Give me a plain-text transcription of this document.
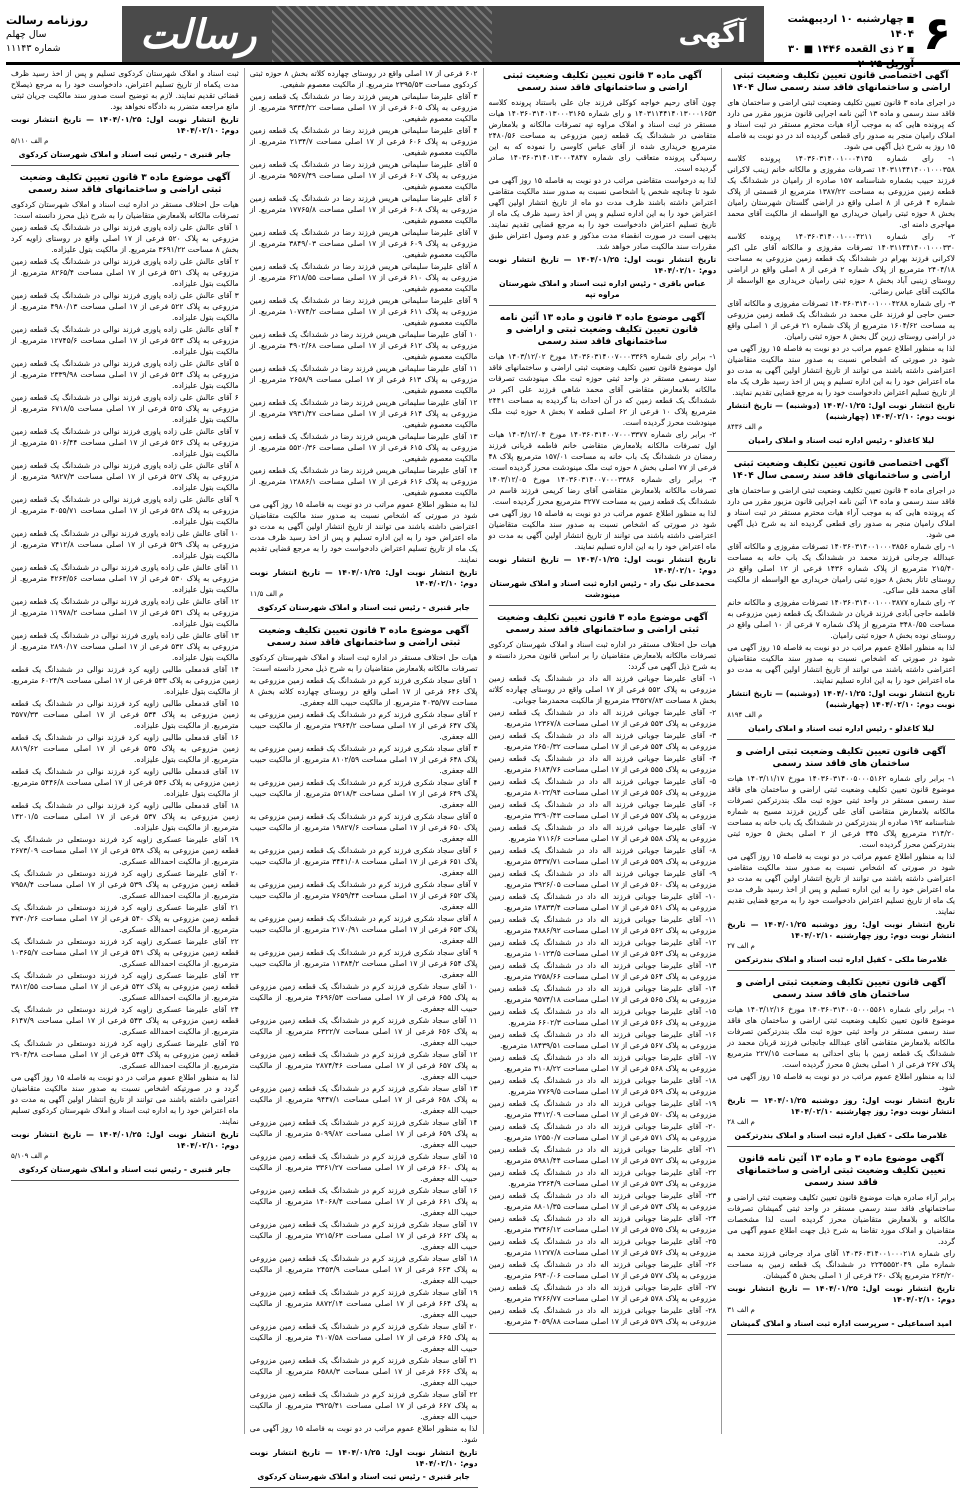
۶
■ چهارشنبه ۱۰ اردیبهشت ۱۴۰۴
■ ۲ ذی القعده ۱۴۴۶ ■ ۳۰ آوریل ۲۰۲۵
آگهی
رسالت
روزنامه رسالت
سال چهلم
شماره ۱۱۱۴۳
آگهی اختصاصی قانون تعیین تکلیف وضعیت ثبتی اراضی و ساختمانهای فاقد سند رسمی سال ۱۴۰۴

در اجرای ماده ۳ قانون تعیین تکلیف وضعیت ثبتی اراضی و ساختمان های فاقد سند رسمی و ماده ۱۳ آئین نامه اجرایی قانون مزبور مقرر می دارد که پرونده هایی که به موجب آراء هیات محترم مستقر در ثبت اسناد و املاک رامیان منجر به صدور رای قطعی گردیده اند در دو نوبت به فاصله ۱۵ روز به شرح ذیل آگهی می شود.

۱- رای شماره ۱۴۰۳۶۰۳۱۴۰۰۱۰۰۰۴۱۳۵ پرونده کلاسه ۱۴۰۳۱۱۴۴۱۴۰۰۱۰۰۰۳۵۸ تصرفات مفروزی و مالکانه خانم زینب لاکرانی فرزند حبیب بشماره شناسنامه ۱۵۷ صادره از رامیان در ششدانگ یک قطعه زمین مزروعی به مساحت ۱۳۸۷/۲۲ مترمربع از قسمتی از پلاک شماره ۴ فرعی از ۸ اصلی واقع در اراضی گلستان شهرستان رامیان بخش ۸ حوزه ثبتی رامیان خریداری مع الواسطه از مالکیت آقای محمد مهاجری دامنه ای.

۲- رای شماره ۱۴۰۳۶۰۳۱۴۰۰۱۰۰۰۴۲۱۱ پرونده کلاسه ۱۴۰۳۱۱۴۴۱۴۰۰۱۰۰۰۳۳۰ تصرفات مفروزی و مالکانه آقای علی اکبر لاکرانی فرزند بهرام در ششدانگ یک قطعه زمین مزروعی به مساحت ۲۴۰۴/۱۸ مترمربع از پلاک شماره ۲ فرعی از ۸ اصلی واقع در اراضی روستای زینبی آباد بخش ۸ حوزه ثبتی رامیان خریداری مع الواسطه از مالکیت آقای عباس رضائی.

۳- رای شماره ۱۴۰۳۶۰۳۱۴۰۰۱۰۰۰۴۲۸۸ تصرفات مفروزی و مالکانه آقای حسن حاجی لو فرزند علی محمد در ششدانگ یک قطعه زمین مزروعی به مساحت ۱۶۰۴/۶۲ مترمربع از پلاک شماره ۲۱ فرعی از ۱ اصلی واقع در اراضی روستای زرین گل بخش ۸ حوزه ثبتی رامیان.

لذا به منظور اطلاع عموم مراتب در دو نوبت به فاصله ۱۵ روز آگهی می شود در صورتی که اشخاص نسبت به صدور سند مالکیت متقاضیان اعتراضی داشته باشند می توانند از تاریخ انتشار اولین آگهی به مدت دو ماه اعتراض خود را به این اداره تسلیم و پس از اخذ رسید ظرف یک ماه از تاریخ تسلیم اعتراض دادخواست خود را به مرجع قضایی تقدیم نمایند.

تاریخ انتشار نوبت اول: ۱۴۰۴/۰۱/۲۵ (دوشنبه) — تاریخ انتشار نوبت دوم: ۱۴۰۴/۰۲/۱۰ (چهارشنبه)
م الف ۸۴۳۶
لیلا کاغذلو - رئیس اداره ثبت اسناد و املاک رامیان
آگهی اختصاصی قانون تعیین تکلیف وضعیت ثبتی اراضی و ساختمانهای فاقد سند رسمی سال ۱۴۰۴

در اجرای ماده ۳ قانون تعیین تکلیف وضعیت ثبتی اراضی و ساختمان های فاقد سند رسمی و ماده ۱۳ آئین نامه اجرایی قانون مزبور مقرر می دارد که پرونده هایی که به موجب آراء هیات محترم مستقر در ثبت اسناد و املاک رامیان منجر به صدور رای قطعی گردیده اند به شرح ذیل آگهی می شود.

۱- رای شماره ۱۴۰۳۶۰۳۱۴۰۰۱۰۰۰۳۸۵۶ تصرفات مفروزی و مالکانه آقای عبدالله جرجانی فرزند محمد در ششدانگ یک باب خانه به مساحت ۲۱۵/۴۰ مترمربع از پلاک شماره ۱۴۳۶ فرعی از ۱۲ اصلی واقع در روستای تاتار بخش ۸ حوزه ثبتی رامیان خریداری مع الواسطه از مالکیت آقای محمد قلی ساکی.

۲- رای شماره ۱۴۰۳۶۰۳۱۴۰۰۱۰۰۰۳۸۷۷ تصرفات مفروزی و مالکانه خانم فاطمه حاجی آبادی فرزند قربان در ششدانگ یک قطعه زمین مزروعی به مساحت ۳۴۸۰/۵۵ مترمربع از پلاک شماره ۷ فرعی از ۱۰ اصلی واقع در روستای نوده بخش ۸ حوزه ثبتی رامیان.

لذا به منظور اطلاع عموم مراتب در دو نوبت به فاصله ۱۵ روز آگهی می شود در صورتی که اشخاص نسبت به صدور سند مالکیت متقاضیان اعتراضی داشته باشند می توانند از تاریخ انتشار اولین آگهی به مدت دو ماه اعتراض خود را به این اداره تسلیم نمایند.

تاریخ انتشار نوبت اول: ۱۴۰۴/۰۱/۲۵ (دوشنبه) — تاریخ انتشار نوبت دوم: ۱۴۰۴/۰۲/۱۰ (چهارشنبه)
م الف ۸۱۹۴
لیلا کاغذلو - رئیس اداره ثبت اسناد و املاک رامیان
آگهی قانون تعیین تکلیف وضعیت ثبتی اراضی و ساختمان های فاقد سند رسمی

۱- برابر رای شماره ۱۴۰۳۶۰۳۱۴۰۰۵۰۰۰۵۱۶۲ مورخ ۱۴۰۳/۱۱/۱۷ هیات موضوع قانون تعیین تکلیف وضعیت ثبتی اراضی و ساختمان های فاقد سند رسمی مستقر در واحد ثبتی حوزه ثبت ملک بندرترکمن تصرفات مالکانه بلامعارض متقاضی آقای علی گرزین فرزند مسیح به شماره شناسنامه ۱۹۲ صادره از بندرترکمن در ششدانگ یک باب خانه به مساحت ۲۱۴/۲۰ مترمربع پلاک ۳۴۵ فرعی از ۲ اصلی بخش ۵ حوزه ثبتی بندرترکمن محرز گردیده است.

لذا به منظور اطلاع عموم مراتب در دو نوبت به فاصله ۱۵ روز آگهی می شود در صورتی که اشخاص نسبت به صدور سند مالکیت متقاضی اعتراضی داشته باشند می توانند از تاریخ انتشار اولین آگهی به مدت دو ماه اعتراض خود را به این اداره تسلیم و پس از اخذ رسید ظرف مدت یک ماه از تاریخ تسلیم اعتراض دادخواست خود را به مرجع قضایی تقدیم نمایند.

تاریخ انتشار نوبت اول: روز دوشنبه ۱۴۰۴/۰۱/۲۵ — تاریخ انتشار نوبت دوم: روز چهارشنبه ۱۴۰۴/۰۲/۱۰
م الف ۲۷
غلامرضا ملکی - کفیل اداره ثبت اسناد و املاک بندرترکمن
آگهی قانون تعیین تکلیف وضعیت ثبتی اراضی و ساختمان های فاقد سند رسمی

۱- برابر رای شماره ۱۴۰۳۶۰۳۱۴۰۰۵۰۰۰۵۵۶۱ مورخ ۱۴۰۳/۱۲/۱۶ هیات موضوع قانون تعیین تکلیف وضعیت ثبتی اراضی و ساختمان های فاقد سند رسمی مستقر در واحد ثبتی حوزه ثبت ملک بندرترکمن تصرفات مالکانه بلامعارض متقاضی آقای عبدالله جانجانی فرزند قربان محمد در ششدانگ یک قطعه زمین با بنای احداثی به مساحت ۲۲۷/۱۵ مترمربع پلاک ۲۶۷ فرعی از ۱ اصلی بخش ۵ محرز گردیده است.

لذا به منظور اطلاع عموم مراتب در دو نوبت به فاصله ۱۵ روز آگهی می شود.

تاریخ انتشار نوبت اول: روز دوشنبه ۱۴۰۴/۰۱/۲۵ — تاریخ انتشار نوبت دوم: روز چهارشنبه ۱۴۰۴/۰۲/۱۰
م الف ۲۸
غلامرضا ملکی - کفیل اداره ثبت اسناد و املاک بندرترکمن
آگهی موضوع ماده ۳ و ماده ۱۳ آئین نامه قانون تعیین تکلیف وضعیت ثبتی اراضی و ساختمانهای فاقد سند رسمی

برابر آراء صادره هیات موضوع قانون تعیین تکلیف وضعیت ثبتی اراضی و ساختمانهای فاقد سند رسمی مستقر در واحد ثبتی گمیشان تصرفات مالکانه و بلامعارض متقاضیان محرز گردیده است لذا مشخصات متقاضیان و املاک مورد تقاضا به شرح ذیل جهت اطلاع عموم آگهی می گردد.

رای شماره ۱۴۰۳۶۰۳۱۴۰۰۱۰۰۰۲۱۸ آقای مراد جرجانی فرزند محمد به شماره ملی ۲۲۴۵۵۵۲۰۴۹ در ششدانگ یک قطعه زمین به مساحت ۲۶۳/۲۰ مترمربع پلاک ۲۶۰ فرعی از ۱ اصلی بخش ۵ گمیشان.

تاریخ انتشار نوبت اول: ۱۴۰۴/۰۱/۲۵ — تاریخ انتشار نوبت دوم: ۱۴۰۴/۰۲/۱۰
م الف ۳۱
امید اسماعیلی - سرپرست اداره ثبت اسناد و املاک گمیشان
آگهی ماده ۳ قانون تعیین تکلیف وضعیت ثبتی اراضی و ساختمانهای فاقد سند رسمی

چون آقای رحیم خواجه کوکلی فرزند جان علی باستناد پرونده کلاسه ۱۴۰۳۱۱۴۴۱۴۰۱۳۰۰۰۱۶۵۳ و رای شماره ۱۴۰۳۶۰۳۱۴۰۱۳۰۰۰۳۱۶۵ هیات مستقر در ثبت اسناد و املاک مراوه تپه تصرفات مالکانه و بلامعارض متقاضی در ششدانگ یک قطعه زمین مزروعی به مساحت ۲۴۸۰/۵۶ مترمربع خریداری شده از آقای عباس کاوسی را نموده که به این رسیدگی پرونده متعاقب رای شماره ۱۴۰۳۶۰۳۱۴۰۱۳۰۰۰۴۸۴۷ صادر گردیده است.

لذا به درخواست متقاضی مراتب در دو نوبت به فاصله ۱۵ روز آگهی می شود تا چنانچه شخص یا اشخاصی نسبت به صدور سند مالکیت متقاضی اعتراض داشته باشند ظرف مدت دو ماه از تاریخ انتشار اولین آگهی اعتراض خود را به این اداره تسلیم و پس از اخذ رسید ظرف یک ماه از تاریخ تسلیم اعتراض دادخواست خود را به مرجع قضایی تقدیم نمایند. بدیهی است در صورت انقضاء مدت مذکور و عدم وصول اعتراض طبق مقررات سند مالکیت صادر خواهد شد.

تاریخ انتشار نوبت اول: ۱۴۰۴/۰۱/۲۵ — تاریخ انتشار نوبت دوم: ۱۴۰۴/۰۲/۱۰
عباس باقری - رئیس اداره ثبت اسناد و املاک شهرستان مراوه تپه
آگهی موضوع ماده ۳ قانون و ماده ۱۳ آئین نامه قانون تعیین تکلیف وضعیت ثبتی و اراضی و ساختمانهای فاقد سند رسمی

۱- برابر رای شماره ۱۴۰۳۶۰۳۱۴۰۰۷۰۰۰۳۳۶۹ مورخ ۱۴۰۳/۱۲/۰۲ هیات اول موضوع قانون تعیین تکلیف وضعیت ثبتی اراضی و ساختمانهای فاقد سند رسمی مستقر در واحد ثبتی حوزه ثبت ملک مینودشت تصرفات مالکانه بلامعارض متقاضی آقای محمد شاهی فرزند علی اکبر در ششدانگ یک قطعه زمین که در آن احداث بنا گردیده به مساحت ۲۴۴۱ مترمربع پلاک ۱۰ فرعی از ۶۲ اصلی قطعه ۷ بخش ۸ حوزه ثبت ملک مینودشت محرز گردیده است.

۲- برابر رای شماره ۱۴۰۳۶۰۳۱۴۰۰۷۰۰۰۳۳۷۷ مورخ ۱۴۰۳/۱۲/۰۴ هیات اول تصرفات مالکانه بلامعارض متقاضی خانم فاطمه قربانی فرزند رمضان در ششدانگ یک باب خانه به مساحت ۱۵۷/۰۱ مترمربع پلاک ۴۸ فرعی از ۷۷ اصلی بخش ۸ حوزه ثبت ملک مینودشت محرز گردیده است.

۳- برابر رای شماره ۱۴۰۳۶۰۳۱۴۰۰۷۰۰۰۳۳۸۶ مورخ ۱۴۰۳/۱۲/۰۵ تصرفات مالکانه بلامعارض متقاضی آقای رضا کریمی فرزند قاسم در ششدانگ یک قطعه زمین به مساحت ۳۲۷۷ مترمربع محرز گردیده است.

لذا به منظور اطلاع عموم مراتب در دو نوبت به فاصله ۱۵ روز آگهی می شود در صورتی که اشخاص نسبت به صدور سند مالکیت متقاضیان اعتراضی داشته باشند می توانند از تاریخ انتشار اولین آگهی به مدت دو ماه اعتراض خود را به این اداره تسلیم نمایند.

تاریخ انتشار نوبت اول: ۱۴۰۴/۰۱/۲۵ — تاریخ انتشار نوبت دوم: ۱۴۰۴/۰۲/۱۰
محمدعلی نیک راد - رئیس اداره ثبت اسناد و املاک شهرستان مینودشت
آگهی موضوع ماده ۳ قانون تعیین تکلیف وضعیت ثبتی اراضی و ساختمانهای فاقد سند رسمی

هیات حل اختلاف مستقر در اداره ثبت اسناد و املاک شهرستان کردکوی تصرفات مالکانه بلامعارض متقاضیان را بر اساس قانون محرز دانسته و به شرح ذیل آگهی می گردد:

۱- آقای علیرضا جوبانی فرزند اله داد در ششدانگ یک قطعه زمین مزروعی به پلاک ۵۵۲ فرعی از ۱۷ اصلی واقع در روستای چهارده کلاته بخش ۸ مساحت ۳۴۵۲۷/۸۳ مترمربع از مالکیت محمدرضا جوبانی.

۲- آقای علیرضا جوبانی فرزند اله داد در ششدانگ یک قطعه زمین مزروعی به پلاک ۵۵۳ فرعی از ۱۷ اصلی مساحت ۱۲۳۶۷/۸ مترمربع.

۳- آقای علیرضا جوبانی فرزند اله داد در ششدانگ یک قطعه زمین مزروعی به پلاک ۵۵۴ فرعی از ۱۷ اصلی مساحت ۲۶۵۰/۳۲ مترمربع.

۴- آقای علیرضا جوبانی فرزند اله داد در ششدانگ یک قطعه زمین مزروعی به پلاک ۵۵۵ فرعی از ۱۷ اصلی مساحت ۶۱۸۴/۷۶ مترمربع.

۵- آقای علیرضا جوبانی فرزند اله داد در ششدانگ یک قطعه زمین مزروعی به پلاک ۵۵۶ فرعی از ۱۷ اصلی مساحت ۸۰۲۲/۹۴ مترمربع.

۶- آقای علیرضا جوبانی فرزند اله داد در ششدانگ یک قطعه زمین مزروعی به پلاک ۵۵۷ فرعی از ۱۷ اصلی مساحت ۳۲۹۰/۴۳ مترمربع.

۷- آقای علیرضا جوبانی فرزند اله داد در ششدانگ یک قطعه زمین مزروعی به پلاک ۵۵۸ فرعی از ۱۷ اصلی مساحت ۷۱۱۶/۶ مترمربع.

۸- آقای علیرضا جوبانی فرزند اله داد در ششدانگ یک قطعه زمین مزروعی به پلاک ۵۵۹ فرعی از ۱۷ اصلی مساحت ۵۴۳۷/۷۱ مترمربع.

۹- آقای علیرضا جوبانی فرزند اله داد در ششدانگ یک قطعه زمین مزروعی به پلاک ۵۶۰ فرعی از ۱۷ اصلی مساحت ۳۹۲۶/۰۵ مترمربع.

۱۰- آقای علیرضا جوبانی فرزند اله داد در ششدانگ یک قطعه زمین مزروعی به پلاک ۵۶۱ فرعی از ۱۷ اصلی مساحت ۱۴۸۳۳/۴ مترمربع.

۱۱- آقای علیرضا جوبانی فرزند اله داد در ششدانگ یک قطعه زمین مزروعی به پلاک ۵۶۲ فرعی از ۱۷ اصلی مساحت ۴۸۸۶/۹۲ مترمربع.

۱۲- آقای علیرضا جوبانی فرزند اله داد در ششدانگ یک قطعه زمین مزروعی به پلاک ۵۶۳ فرعی از ۱۷ اصلی مساحت ۱۰۱۲۳/۵ مترمربع.

۱۳- آقای علیرضا جوبانی فرزند اله داد در ششدانگ یک قطعه زمین مزروعی به پلاک ۵۶۴ فرعی از ۱۷ اصلی مساحت ۲۷۵۸/۶۶ مترمربع.

۱۴- آقای علیرضا جوبانی فرزند اله داد در ششدانگ یک قطعه زمین مزروعی به پلاک ۵۶۵ فرعی از ۱۷ اصلی مساحت ۹۵۷۴/۱۸ مترمربع.

۱۵- آقای علیرضا جوبانی فرزند اله داد در ششدانگ یک قطعه زمین مزروعی به پلاک ۵۶۶ فرعی از ۱۷ اصلی مساحت ۶۶۰۲/۳ مترمربع.

۱۶- آقای علیرضا جوبانی فرزند اله داد در ششدانگ یک قطعه زمین مزروعی به پلاک ۵۶۷ فرعی از ۱۷ اصلی مساحت ۱۸۴۳۹/۵۱ مترمربع.

۱۷- آقای علیرضا جوبانی فرزند اله داد در ششدانگ یک قطعه زمین مزروعی به پلاک ۵۶۸ فرعی از ۱۷ اصلی مساحت ۳۱۰۸/۲۲ مترمربع.

۱۸- آقای علیرضا جوبانی فرزند اله داد در ششدانگ یک قطعه زمین مزروعی به پلاک ۵۶۹ فرعی از ۱۷ اصلی مساحت ۷۷۶۹/۵ مترمربع.

۱۹- آقای علیرضا جوبانی فرزند اله داد در ششدانگ یک قطعه زمین مزروعی به پلاک ۵۷۰ فرعی از ۱۷ اصلی مساحت ۴۴۱۲/۰۹ مترمربع.

۲۰- آقای علیرضا جوبانی فرزند اله داد در ششدانگ یک قطعه زمین مزروعی به پلاک ۵۷۱ فرعی از ۱۷ اصلی مساحت ۱۲۵۵۰/۷ مترمربع.

۲۱- آقای علیرضا جوبانی فرزند اله داد در ششدانگ یک قطعه زمین مزروعی به پلاک ۵۷۲ فرعی از ۱۷ اصلی مساحت ۵۹۸۱/۴۴ مترمربع.

۲۲- آقای علیرضا جوبانی فرزند اله داد در ششدانگ یک قطعه زمین مزروعی به پلاک ۵۷۳ فرعی از ۱۷ اصلی مساحت ۲۳۶۴/۹ مترمربع.

۲۳- آقای علیرضا جوبانی فرزند اله داد در ششدانگ یک قطعه زمین مزروعی به پلاک ۵۷۴ فرعی از ۱۷ اصلی مساحت ۸۸۰۱/۳۵ مترمربع.

۲۴- آقای علیرضا جوبانی فرزند اله داد در ششدانگ یک قطعه زمین مزروعی به پلاک ۵۷۵ فرعی از ۱۷ اصلی مساحت ۳۷۴۶/۱۲ مترمربع.

۲۵- آقای علیرضا جوبانی فرزند اله داد در ششدانگ یک قطعه زمین مزروعی به پلاک ۵۷۶ فرعی از ۱۷ اصلی مساحت ۱۱۲۷۷/۸ مترمربع.

۲۶- آقای علیرضا جوبانی فرزند اله داد در ششدانگ یک قطعه زمین مزروعی به پلاک ۵۷۷ فرعی از ۱۷ اصلی مساحت ۶۹۴۰/۰۶ مترمربع.

۲۷- آقای علیرضا جوبانی فرزند اله داد در ششدانگ یک قطعه زمین مزروعی به پلاک ۵۷۸ فرعی از ۱۷ اصلی مساحت ۲۷۶۶/۷۷ مترمربع.

۲۸- آقای علیرضا جوبانی فرزند اله داد در ششدانگ یک قطعه زمین مزروعی به پلاک ۵۷۹ فرعی از ۱۷ اصلی مساحت ۴۰۵۹/۸۸ مترمربع.

۶۰۲ فرعی از ۱۷ اصلی واقع در روستای چهارده کلاته بخش ۸ حوزه ثبتی کردکوی مساحت ۲۳۹۵/۵۳ مترمربع. از مالکیت معصوم شفیعی.

۳ آقای علیرضا سلیمانی هریس فرزند رضا در ششدانگ یک قطعه زمین مزروعی به پلاک ۶۰۵ فرعی از ۱۷ اصلی مساحت ۹۳۳۴/۲۲ مترمربع. از مالکیت معصوم شفیعی.

۴ آقای علیرضا سلیمانی هریس فرزند رضا در ششدانگ یک قطعه زمین مزروعی به پلاک ۶۰۶ فرعی از ۱۷ اصلی مساحت ۲۱۳۴/۷ مترمربع. از مالکیت معصوم شفیعی.

۵ آقای علیرضا سلیمانی هریس فرزند رضا در ششدانگ یک قطعه زمین مزروعی به پلاک ۶۰۷ فرعی از ۱۷ اصلی مساحت ۹۵۶۷/۴۹ مترمربع. از مالکیت معصوم شفیعی.

۶ آقای علیرضا سلیمانی هریس فرزند رضا در ششدانگ یک قطعه زمین مزروعی به پلاک ۶۰۸ فرعی از ۱۷ اصلی مساحت ۱۷۷۶۵/۸ مترمربع. از مالکیت معصوم شفیعی.

۷ آقای علیرضا سلیمانی هریس فرزند رضا در ششدانگ یک قطعه زمین مزروعی به پلاک ۶۰۹ فرعی از ۱۷ اصلی مساحت ۳۸۴۹/۰۳ مترمربع. از مالکیت معصوم شفیعی.

۸ آقای علیرضا سلیمانی هریس فرزند رضا در ششدانگ یک قطعه زمین مزروعی به پلاک ۶۱۰ فرعی از ۱۷ اصلی مساحت ۶۲۱۸/۵۵ مترمربع. از مالکیت معصوم شفیعی.

۹ آقای علیرضا سلیمانی هریس فرزند رضا در ششدانگ یک قطعه زمین مزروعی به پلاک ۶۱۱ فرعی از ۱۷ اصلی مساحت ۱۰۷۷۴/۲ مترمربع. از مالکیت معصوم شفیعی.

۱۰ آقای علیرضا سلیمانی هریس فرزند رضا در ششدانگ یک قطعه زمین مزروعی به پلاک ۶۱۲ فرعی از ۱۷ اصلی مساحت ۴۹۰۲/۶۸ مترمربع. از مالکیت معصوم شفیعی.

۱۱ آقای علیرضا سلیمانی هریس فرزند رضا در ششدانگ یک قطعه زمین مزروعی به پلاک ۶۱۳ فرعی از ۱۷ اصلی مساحت ۲۶۵۸/۹ مترمربع. از مالکیت معصوم شفیعی.

۱۲ آقای علیرضا سلیمانی هریس فرزند رضا در ششدانگ یک قطعه زمین مزروعی به پلاک ۶۱۴ فرعی از ۱۷ اصلی مساحت ۷۹۳۱/۴۷ مترمربع. از مالکیت معصوم شفیعی.

۱۳ آقای علیرضا سلیمانی هریس فرزند رضا در ششدانگ یک قطعه زمین مزروعی به پلاک ۶۱۵ فرعی از ۱۷ اصلی مساحت ۵۵۲۰/۳۶ مترمربع. از مالکیت معصوم شفیعی.

۱۴ آقای علیرضا سلیمانی هریس فرزند رضا در ششدانگ یک قطعه زمین مزروعی به پلاک ۶۱۶ فرعی از ۱۷ اصلی مساحت ۱۲۸۸۶/۱ مترمربع. از مالکیت معصوم شفیعی.

لذا به منظور اطلاع عموم مراتب در دو نوبت به فاصله ۱۵ روز آگهی می شود در صورتی که اشخاص نسبت به صدور سند مالکیت متقاضیان اعتراضی داشته باشند می توانند از تاریخ انتشار اولین آگهی به مدت دو ماه اعتراض خود را به این اداره تسلیم و پس از اخذ رسید ظرف مدت یک ماه از تاریخ تسلیم اعتراض دادخواست خود را به مرجع قضایی تقدیم نمایند.

تاریخ انتشار نوبت اول: ۱۴۰۴/۰۱/۲۵ — تاریخ انتشار نوبت دوم: ۱۴۰۴/۰۲/۱۰
م الف ۱۱/۵
جابر قنبری - رئیس ثبت اسناد و املاک شهرستان کردکوی
آگهی موضوع ماده ۳ قانون تعیین تکلیف وضعیت ثبتی اراضی و ساختمانهای فاقد سند رسمی

هیات حل اختلاف مستقر در اداره ثبت اسناد و املاک شهرستان کردکوی تصرفات مالکانه بلامعارض متقاضیان را به شرح ذیل محرز دانسته است:

۱ آقای سجاد شکری فرزند کرم در ششدانگ یک قطعه زمین مزروعی به پلاک ۶۴۶ فرعی از ۱۷ اصلی واقع در روستای چهارده کلاته بخش ۸ مساحت ۴۰۳۵/۷۷ مترمربع. از مالکیت حبیب الله جعفری.

۲ آقای سجاد شکری فرزند کرم در ششدانگ یک قطعه زمین مزروعی به پلاک ۶۴۷ فرعی از ۱۷ اصلی مساحت ۲۹۶۴/۲ مترمربع. از مالکیت حبیب الله جعفری.

۳ آقای سجاد شکری فرزند کرم در ششدانگ یک قطعه زمین مزروعی به پلاک ۶۴۸ فرعی از ۱۷ اصلی مساحت ۸۱۰۲/۵۹ مترمربع. از مالکیت حبیب الله جعفری.

۴ آقای سجاد شکری فرزند کرم در ششدانگ یک قطعه زمین مزروعی به پلاک ۶۴۹ فرعی از ۱۷ اصلی مساحت ۵۲۱۸/۳ مترمربع. از مالکیت حبیب الله جعفری.

۵ آقای سجاد شکری فرزند کرم در ششدانگ یک قطعه زمین مزروعی به پلاک ۶۵۰ فرعی از ۱۷ اصلی مساحت ۱۹۸۲۷/۶ مترمربع. از مالکیت حبیب الله جعفری.

۶ آقای سجاد شکری فرزند کرم در ششدانگ یک قطعه زمین مزروعی به پلاک ۶۵۱ فرعی از ۱۷ اصلی مساحت ۳۴۴۱/۰۸ مترمربع. از مالکیت حبیب الله جعفری.

۷ آقای سجاد شکری فرزند کرم در ششدانگ یک قطعه زمین مزروعی به پلاک ۶۵۲ فرعی از ۱۷ اصلی مساحت ۷۶۵۹/۴۴ مترمربع. از مالکیت حبیب الله جعفری.

۸ آقای سجاد شکری فرزند کرم در ششدانگ یک قطعه زمین مزروعی به پلاک ۶۵۳ فرعی از ۱۷ اصلی مساحت ۲۱۷۰/۹۱ مترمربع. از مالکیت حبیب الله جعفری.

۹ آقای سجاد شکری فرزند کرم در ششدانگ یک قطعه زمین مزروعی به پلاک ۶۵۴ فرعی از ۱۷ اصلی مساحت ۱۱۳۸۴/۲ مترمربع. از مالکیت حبیب الله جعفری.

۱۰ آقای سجاد شکری فرزند کرم در ششدانگ یک قطعه زمین مزروعی به پلاک ۶۵۵ فرعی از ۱۷ اصلی مساحت ۴۶۹۶/۵۳ مترمربع. از مالکیت حبیب الله جعفری.

۱۱ آقای سجاد شکری فرزند کرم در ششدانگ یک قطعه زمین مزروعی به پلاک ۶۵۶ فرعی از ۱۷ اصلی مساحت ۶۳۲۲/۷ مترمربع. از مالکیت حبیب الله جعفری.

۱۲ آقای سجاد شکری فرزند کرم در ششدانگ یک قطعه زمین مزروعی به پلاک ۶۵۷ فرعی از ۱۷ اصلی مساحت ۲۸۷۴/۴۶ مترمربع. از مالکیت حبیب الله جعفری.

۱۳ آقای سجاد شکری فرزند کرم در ششدانگ یک قطعه زمین مزروعی به پلاک ۶۵۸ فرعی از ۱۷ اصلی مساحت ۹۴۴۷/۱ مترمربع. از مالکیت حبیب الله جعفری.

۱۴ آقای سجاد شکری فرزند کرم در ششدانگ یک قطعه زمین مزروعی به پلاک ۶۵۹ فرعی از ۱۷ اصلی مساحت ۵۰۹۹/۸۲ مترمربع. از مالکیت حبیب الله جعفری.

۱۵ آقای سجاد شکری فرزند کرم در ششدانگ یک قطعه زمین مزروعی به پلاک ۶۶۰ فرعی از ۱۷ اصلی مساحت ۳۳۶۱/۲۷ مترمربع. از مالکیت حبیب الله جعفری.

۱۶ آقای سجاد شکری فرزند کرم در ششدانگ یک قطعه زمین مزروعی به پلاک ۶۶۱ فرعی از ۱۷ اصلی مساحت ۱۴۰۶۸/۴ مترمربع. از مالکیت حبیب الله جعفری.

۱۷ آقای سجاد شکری فرزند کرم در ششدانگ یک قطعه زمین مزروعی به پلاک ۶۶۲ فرعی از ۱۷ اصلی مساحت ۷۲۱۵/۶۳ مترمربع. از مالکیت حبیب الله جعفری.

۱۸ آقای سجاد شکری فرزند کرم در ششدانگ یک قطعه زمین مزروعی به پلاک ۶۶۳ فرعی از ۱۷ اصلی مساحت ۲۴۵۳/۹ مترمربع. از مالکیت حبیب الله جعفری.

۱۹ آقای سجاد شکری فرزند کرم در ششدانگ یک قطعه زمین مزروعی به پلاک ۶۶۴ فرعی از ۱۷ اصلی مساحت ۸۸۷۲/۱۴ مترمربع. از مالکیت حبیب الله جعفری.

۲۰ آقای سجاد شکری فرزند کرم در ششدانگ یک قطعه زمین مزروعی به پلاک ۶۶۵ فرعی از ۱۷ اصلی مساحت ۴۱۰۷/۵۸ مترمربع. از مالکیت حبیب الله جعفری.

۲۱ آقای سجاد شکری فرزند کرم در ششدانگ یک قطعه زمین مزروعی به پلاک ۶۶۶ فرعی از ۱۷ اصلی مساحت ۶۵۸۸/۳ مترمربع. از مالکیت حبیب الله جعفری.

۲۲ آقای سجاد شکری فرزند کرم در ششدانگ یک قطعه زمین مزروعی به پلاک ۶۶۷ فرعی از ۱۷ اصلی مساحت ۳۹۲۵/۴۱ مترمربع. از مالکیت حبیب الله جعفری.

لذا به منظور اطلاع عموم مراتب در دو نوبت به فاصله ۱۵ روز آگهی می شود.

تاریخ انتشار نوبت اول: ۱۴۰۴/۰۱/۲۵ — تاریخ انتشار نوبت دوم: ۱۴۰۴/۰۲/۱۰
جابر قنبری - رئیس ثبت اسناد و املاک شهرستان کردکوی

ثبت اسناد و املاک شهرستان کردکوی تسلیم و پس از اخذ رسید ظرف مدت یکماه از تاریخ تسلیم اعتراض، دادخواست خود را به مرجع ذیصلاح قضائی تقدیم نمایند. لازم به توضیح است صدور سند مالکیت جریان ثبتی مانع مراجعه متضرر به دادگاه نخواهد بود.

تاریخ انتشار نوبت اول: ۱۴۰۴/۰۱/۲۵ — تاریخ انتشار نوبت دوم: ۱۴۰۴/۰۲/۱۰
م الف ۵/۱۱۰
جابر قنبری - رئیس ثبت اسناد و املاک شهرستان کردکوی
آگهی موضوع ماده ۳ قانون تعیین تکلیف وضعیت ثبتی اراضی و ساختمانهای فاقد سند رسمی

هیات حل اختلاف مستقر در اداره ثبت اسناد و املاک شهرستان کردکوی تصرفات مالکانه بلامعارض متقاضیان را به شرح ذیل محرز دانسته است:

۱ آقای عالش علی زاده یاوری فرزند نوالی در ششدانگ یک قطعه زمین مزروعی به پلاک ۵۲۰ فرعی از ۱۷ اصلی واقع در روستای زاویه کرد بخش ۸ مساحت ۳۶۹۱/۲۲ مترمربع. از مالکیت بتول علیزاده.

۲ آقای عالش علی زاده یاوری فرزند نوالی در ششدانگ یک قطعه زمین مزروعی به پلاک ۵۲۱ فرعی از ۱۷ اصلی مساحت ۸۲۶۵/۴ مترمربع. از مالکیت بتول علیزاده.

۳ آقای عالش علی زاده یاوری فرزند نوالی در ششدانگ یک قطعه زمین مزروعی به پلاک ۵۲۲ فرعی از ۱۷ اصلی مساحت ۴۹۸۰/۱۳ مترمربع. از مالکیت بتول علیزاده.

۴ آقای عالش علی زاده یاوری فرزند نوالی در ششدانگ یک قطعه زمین مزروعی به پلاک ۵۲۳ فرعی از ۱۷ اصلی مساحت ۱۲۷۴۵/۶ مترمربع. از مالکیت بتول علیزاده.

۵ آقای عالش علی زاده یاوری فرزند نوالی در ششدانگ یک قطعه زمین مزروعی به پلاک ۵۲۴ فرعی از ۱۷ اصلی مساحت ۲۳۳۹/۹۸ مترمربع. از مالکیت بتول علیزاده.

۶ آقای عالش علی زاده یاوری فرزند نوالی در ششدانگ یک قطعه زمین مزروعی به پلاک ۵۲۵ فرعی از ۱۷ اصلی مساحت ۶۷۱۸/۵ مترمربع. از مالکیت بتول علیزاده.

۷ آقای عالش علی زاده یاوری فرزند نوالی در ششدانگ یک قطعه زمین مزروعی به پلاک ۵۲۶ فرعی از ۱۷ اصلی مساحت ۵۱۰۶/۴۴ مترمربع. از مالکیت بتول علیزاده.

۸ آقای عالش علی زاده یاوری فرزند نوالی در ششدانگ یک قطعه زمین مزروعی به پلاک ۵۲۷ فرعی از ۱۷ اصلی مساحت ۹۸۲۷/۳ مترمربع. از مالکیت بتول علیزاده.

۹ آقای عالش علی زاده یاوری فرزند نوالی در ششدانگ یک قطعه زمین مزروعی به پلاک ۵۲۸ فرعی از ۱۷ اصلی مساحت ۳۰۵۵/۷۱ مترمربع. از مالکیت بتول علیزاده.

۱۰ آقای عالش علی زاده یاوری فرزند نوالی در ششدانگ یک قطعه زمین مزروعی به پلاک ۵۲۹ فرعی از ۱۷ اصلی مساحت ۷۴۱۲/۸ مترمربع. از مالکیت بتول علیزاده.

۱۱ آقای عالش علی زاده یاوری فرزند نوالی در ششدانگ یک قطعه زمین مزروعی به پلاک ۵۳۰ فرعی از ۱۷ اصلی مساحت ۴۲۶۳/۵۶ مترمربع. از مالکیت بتول علیزاده.

۱۲ آقای عالش علی زاده یاوری فرزند نوالی در ششدانگ یک قطعه زمین مزروعی به پلاک ۵۳۱ فرعی از ۱۷ اصلی مساحت ۱۱۹۷۸/۲ مترمربع. از مالکیت بتول علیزاده.

۱۳ آقای عالش علی زاده یاوری فرزند نوالی در ششدانگ یک قطعه زمین مزروعی به پلاک ۵۳۲ فرعی از ۱۷ اصلی مساحت ۲۸۹۰/۱۷ مترمربع. از مالکیت بتول علیزاده.

۱۴ آقای قدمعلی طالبی زاویه کرد فرزند نوالی در ششدانگ یک قطعه زمین مزروعی به پلاک ۵۳۳ فرعی از ۱۷ اصلی مساحت ۶۰۲۴/۹ مترمربع. از مالکیت بتول علیزاده.

۱۵ آقای قدمعلی طالبی زاویه کرد فرزند نوالی در ششدانگ یک قطعه زمین مزروعی به پلاک ۵۳۴ فرعی از ۱۷ اصلی مساحت ۳۵۷۷/۳۳ مترمربع. از مالکیت بتول علیزاده.

۱۶ آقای قدمعلی طالبی زاویه کرد فرزند نوالی در ششدانگ یک قطعه زمین مزروعی به پلاک ۵۳۵ فرعی از ۱۷ اصلی مساحت ۸۸۱۹/۶۲ مترمربع. از مالکیت بتول علیزاده.

۱۷ آقای قدمعلی طالبی زاویه کرد فرزند نوالی در ششدانگ یک قطعه زمین مزروعی به پلاک ۵۳۶ فرعی از ۱۷ اصلی مساحت ۵۴۴۶/۸ مترمربع. از مالکیت بتول علیزاده.

۱۸ آقای قدمعلی طالبی زاویه کرد فرزند نوالی در ششدانگ یک قطعه زمین مزروعی به پلاک ۵۳۷ فرعی از ۱۷ اصلی مساحت ۱۴۲۰۱/۵ مترمربع. از مالکیت بتول علیزاده.

۱۹ آقای علیرضا عسکری زاویه کرد فرزند دوستعلی در ششدانگ یک قطعه زمین مزروعی به پلاک ۵۳۸ فرعی از ۱۷ اصلی مساحت ۲۶۷۳/۰۹ مترمربع. از مالکیت احمدالله عسکری.

۲۰ آقای علیرضا عسکری زاویه کرد فرزند دوستعلی در ششدانگ یک قطعه زمین مزروعی به پلاک ۵۳۹ فرعی از ۱۷ اصلی مساحت ۷۹۵۸/۴ مترمربع. از مالکیت احمدالله عسکری.

۲۱ آقای علیرضا عسکری زاویه کرد فرزند دوستعلی در ششدانگ یک قطعه زمین مزروعی به پلاک ۵۴۰ فرعی از ۱۷ اصلی مساحت ۴۷۳۰/۲۶ مترمربع. از مالکیت احمدالله عسکری.

۲۲ آقای علیرضا عسکری زاویه کرد فرزند دوستعلی در ششدانگ یک قطعه زمین مزروعی به پلاک ۵۴۱ فرعی از ۱۷ اصلی مساحت ۱۰۳۶۵/۷ مترمربع. از مالکیت احمدالله عسکری.

۲۳ آقای علیرضا عسکری زاویه کرد فرزند دوستعلی در ششدانگ یک قطعه زمین مزروعی به پلاک ۵۴۲ فرعی از ۱۷ اصلی مساحت ۳۸۱۲/۵۵ مترمربع. از مالکیت احمدالله عسکری.

۲۴ آقای علیرضا عسکری زاویه کرد فرزند دوستعلی در ششدانگ یک قطعه زمین مزروعی به پلاک ۵۴۳ فرعی از ۱۷ اصلی مساحت ۶۱۴۷/۹ مترمربع. از مالکیت احمدالله عسکری.

۲۵ آقای علیرضا عسکری زاویه کرد فرزند دوستعلی در ششدانگ یک قطعه زمین مزروعی به پلاک ۵۴۴ فرعی از ۱۷ اصلی مساحت ۲۹۰۴/۳۸ مترمربع. از مالکیت احمدالله عسکری.

لذا به منظور اطلاع عموم مراتب در دو نوبت به فاصله ۱۵ روز آگهی می گردد و در صورتیکه اشخاص نسبت به صدور سند مالکیت متقاضیان اعتراضی داشته باشند می توانند از تاریخ انتشار اولین آگهی به مدت دو ماه اعتراض خود را به اداره ثبت اسناد و املاک شهرستان کردکوی تسلیم نمایند.

تاریخ انتشار نوبت اول: ۱۴۰۴/۰۱/۲۵ — تاریخ انتشار نوبت دوم: ۱۴۰۴/۰۲/۱۰
م الف ۵/۱۰۹
جابر قنبری - رئیس ثبت اسناد و املاک شهرستان کردکوی
